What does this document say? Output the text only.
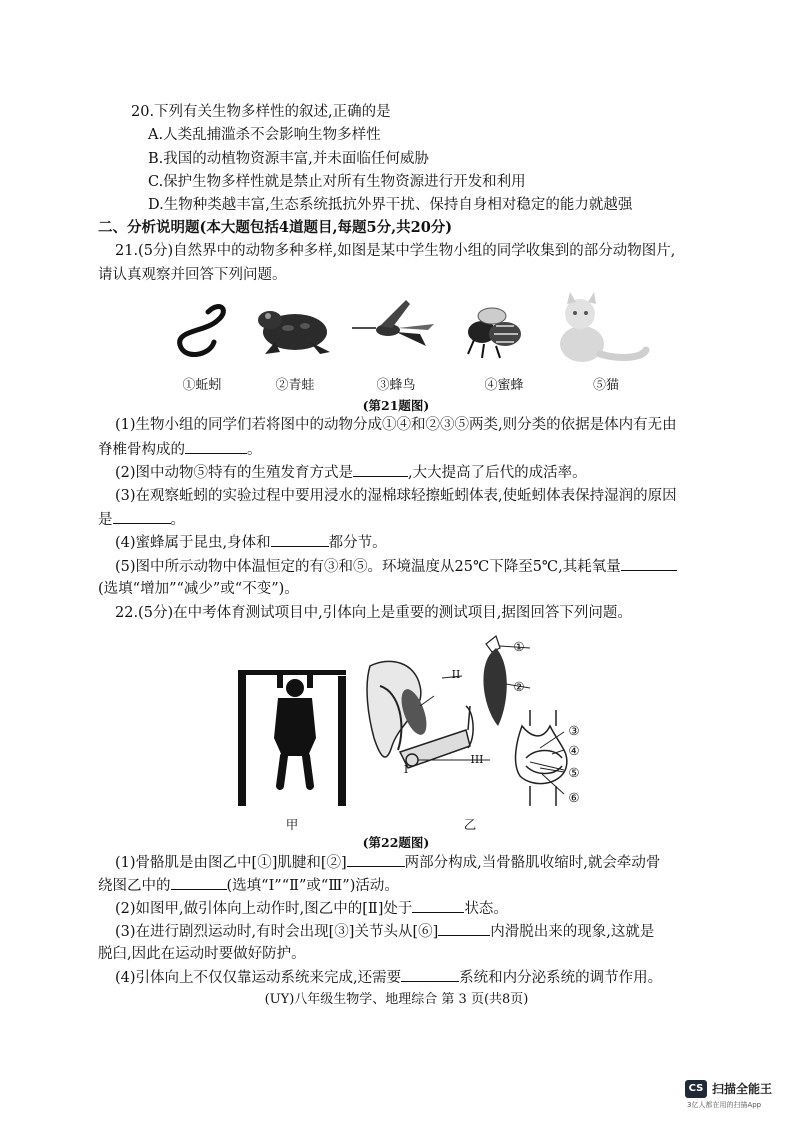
20.下列有关生物多样性的叙述,正确的是
A.人类乱捕滥杀不会影响生物多样性
B.我国的动植物资源丰富,并未面临任何威胁
C.保护生物多样性就是禁止对所有生物资源进行开发和利用
D.生物种类越丰富,生态系统抵抗外界干扰、保持自身相对稳定的能力就越强
二、分析说明题(本大题包括4道题目,每题5分,共20分)
21.(5分)自然界中的动物多种多样,如图是某中学生物小组的同学收集到的部分动物图片,
请认真观察并回答下列问题。
①蚯蚓	②青蛙	③蜂鸟	④蜜蜂	⑤猫
(第21题图)
(1)生物小组的同学们若将图中的动物分成①④和②③⑤两类,则分类的依据是体内有无由
脊椎骨构成的	。
(2)图中动物⑤特有的生殖发育方式是	,大大提高了后代的成活率。
(3)在观察蚯蚓的实验过程中要用浸水的湿棉球轻擦蚯蚓体表,使蚯蚓体表保持湿润的原因
是	。
(4)蜜蜂属于昆虫,身体和	都分节。
(5)图中所示动物中体温恒定的有③和⑤。环境温度从25℃下降至5℃,其耗氧量
(选填“增加”“减少”或“不变”)。
22.(5分)在中考体育测试项目中,引体向上是重要的测试项目,据图回答下列问题。
I
II
III
①
②
③
④
⑤
⑥
甲	乙
(第22题图)
(1)骨骼肌是由图乙中[①]肌腱和[②]	两部分构成,当骨骼肌收缩时,就会牵动骨
绕图乙中的	(选填“Ⅰ”“Ⅱ”或“Ⅲ”)活动。
(2)如图甲,做引体向上动作时,图乙中的[Ⅱ]处于	状态。
(3)在进行剧烈运动时,有时会出现[③]关节头从[⑥]	内滑脱出来的现象,这就是
脱臼,因此在运动时要做好防护。
(4)引体向上不仅仅靠运动系统来完成,还需要	系统和内分泌系统的调节作用。
(UY)八年级生物学、地理综合 第 3 页(共8页)
CS 扫描全能王
3亿人都在用的扫描App
